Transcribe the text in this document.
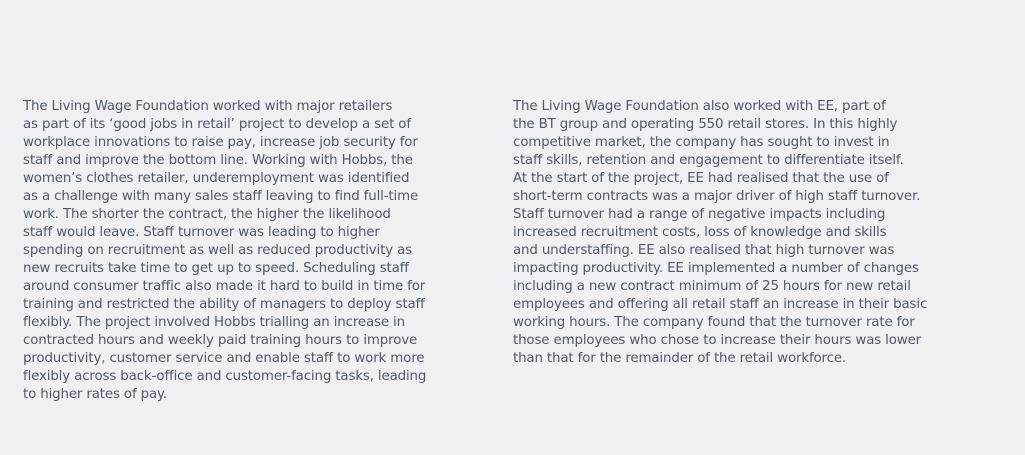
The Living Wage Foundation worked with major retailers
as part of its ‘good jobs in retail’ project to develop a set of
workplace innovations to raise pay, increase job security for
staff and improve the bottom line. Working with Hobbs, the
women’s clothes retailer, underemployment was identified
as a challenge with many sales staff leaving to find full-time
work. The shorter the contract, the higher the likelihood
staff would leave. Staff turnover was leading to higher
spending on recruitment as well as reduced productivity as
new recruits take time to get up to speed. Scheduling staff
around consumer traffic also made it hard to build in time for
training and restricted the ability of managers to deploy staff
flexibly. The project involved Hobbs trialling an increase in
contracted hours and weekly paid training hours to improve
productivity, customer service and enable staff to work more
flexibly across back-office and customer-facing tasks, leading
to higher rates of pay.
The Living Wage Foundation also worked with EE, part of
the BT group and operating 550 retail stores. In this highly
competitive market, the company has sought to invest in
staff skills, retention and engagement to differentiate itself.
At the start of the project, EE had realised that the use of
short-term contracts was a major driver of high staff turnover.
Staff turnover had a range of negative impacts including
increased recruitment costs, loss of knowledge and skills
and understaffing. EE also realised that high turnover was
impacting productivity. EE implemented a number of changes
including a new contract minimum of 25 hours for new retail
employees and offering all retail staff an increase in their basic
working hours. The company found that the turnover rate for
those employees who chose to increase their hours was lower
than that for the remainder of the retail workforce.
